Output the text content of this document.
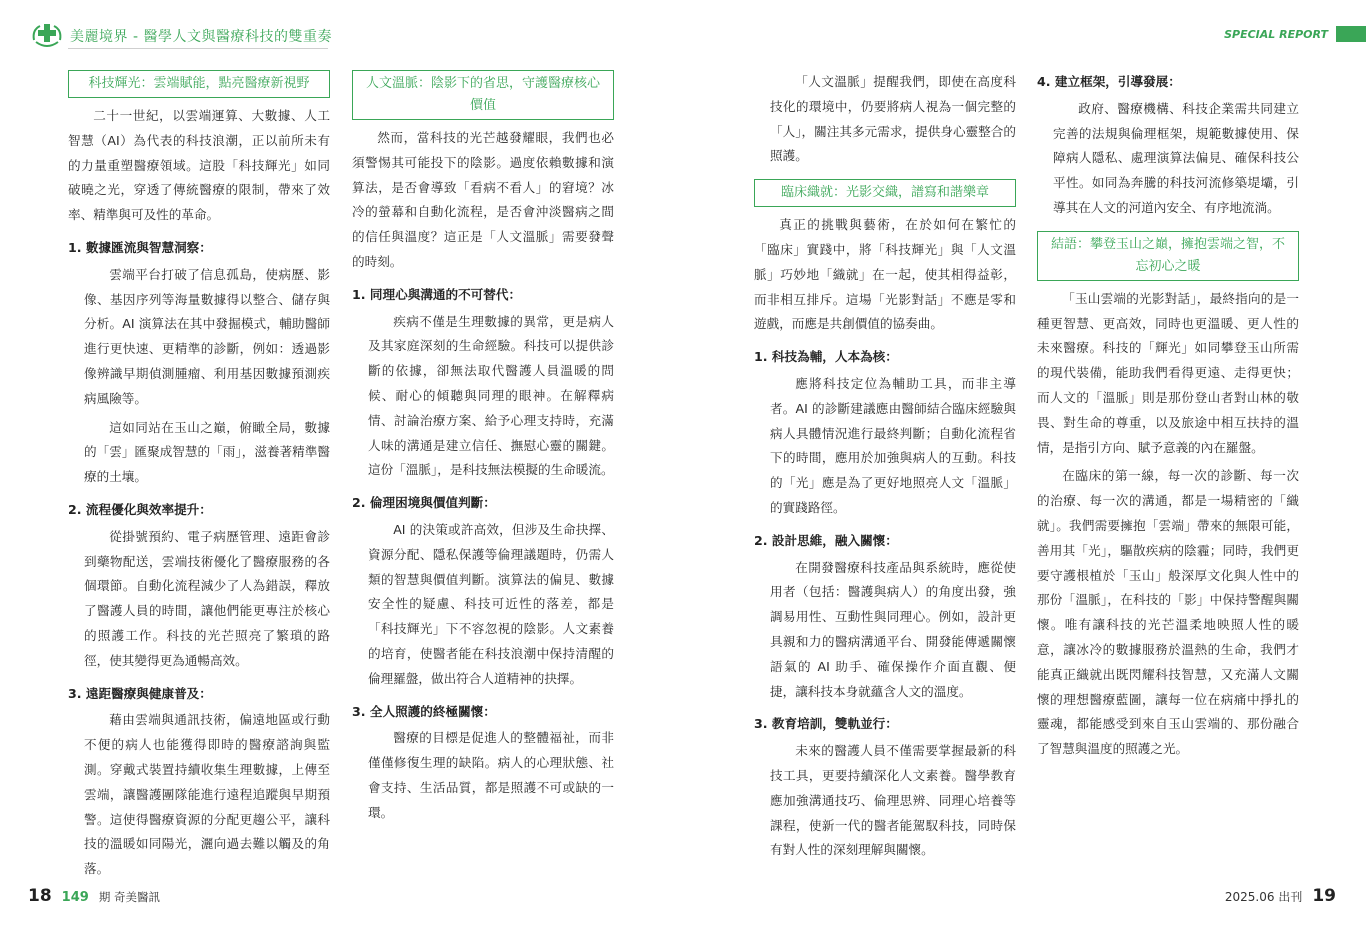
美麗境界 - 醫學人文與醫療科技的雙重奏	SPECIAL REPORT
科技輝光：雲端賦能，點亮醫療新視野

二十一世紀，以雲端運算、大數據、人工智慧（AI）為代表的科技浪潮，正以前所未有的力量重塑醫療領域。這股「科技輝光」如同破曉之光，穿透了傳統醫療的限制，帶來了效率、精準與可及性的革命。

1. 數據匯流與智慧洞察：

雲端平台打破了信息孤島，使病歷、影像、基因序列等海量數據得以整合、儲存與分析。AI 演算法在其中發掘模式，輔助醫師進行更快速、更精準的診斷，例如：透過影像辨識早期偵測腫瘤、利用基因數據預測疾病風險等。

這如同站在玉山之巔，俯瞰全局，數據的「雲」匯聚成智慧的「雨」，滋養著精準醫療的土壤。

2. 流程優化與效率提升：

從掛號預約、電子病歷管理、遠距會診到藥物配送，雲端技術優化了醫療服務的各個環節。自動化流程減少了人為錯誤，釋放了醫護人員的時間，讓他們能更專注於核心的照護工作。科技的光芒照亮了繁瑣的路徑，使其變得更為通暢高效。

3. 遠距醫療與健康普及：

藉由雲端與通訊技術，偏遠地區或行動不便的病人也能獲得即時的醫療諮詢與監測。穿戴式裝置持續收集生理數據，上傳至雲端，讓醫護團隊能進行遠程追蹤與早期預警。這使得醫療資源的分配更趨公平，讓科技的溫暖如同陽光，灑向過去難以觸及的角落。

人文溫脈：陰影下的省思，守護醫療核心價值

然而，當科技的光芒越發耀眼，我們也必須警惕其可能投下的陰影。過度依賴數據和演算法，是否會導致「看病不看人」的窘境？冰冷的螢幕和自動化流程，是否會沖淡醫病之間的信任與溫度？這正是「人文溫脈」需要發聲的時刻。

1. 同理心與溝通的不可替代：

疾病不僅是生理數據的異常，更是病人及其家庭深刻的生命經驗。科技可以提供診斷的依據，卻無法取代醫護人員溫暖的問候、耐心的傾聽與同理的眼神。在解釋病情、討論治療方案、給予心理支持時，充滿人味的溝通是建立信任、撫慰心靈的關鍵。這份「溫脈」，是科技無法模擬的生命暖流。

2. 倫理困境與價值判斷：

AI 的決策或許高效，但涉及生命抉擇、資源分配、隱私保護等倫理議題時，仍需人類的智慧與價值判斷。演算法的偏見、數據安全性的疑慮、科技可近性的落差，都是「科技輝光」下不容忽視的陰影。人文素養的培育，使醫者能在科技浪潮中保持清醒的倫理羅盤，做出符合人道精神的抉擇。

3. 全人照護的終極關懷：

醫療的目標是促進人的整體福祉，而非僅僅修復生理的缺陷。病人的心理狀態、社會支持、生活品質，都是照護不可或缺的一環。

「人文溫脈」提醒我們，即使在高度科技化的環境中，仍要將病人視為一個完整的「人」，關注其多元需求，提供身心靈整合的照護。

臨床織就：光影交織，譜寫和諧樂章

真正的挑戰與藝術，在於如何在繁忙的「臨床」實踐中，將「科技輝光」與「人文溫脈」巧妙地「織就」在一起，使其相得益彰，而非相互排斥。這場「光影對話」不應是零和遊戲，而應是共創價值的協奏曲。

1. 科技為輔，人本為核：

應將科技定位為輔助工具，而非主導者。AI 的診斷建議應由醫師結合臨床經驗與病人具體情況進行最終判斷；自動化流程省下的時間，應用於加強與病人的互動。科技的「光」應是為了更好地照亮人文「溫脈」的實踐路徑。

2. 設計思維，融入關懷：

在開發醫療科技產品與系統時，應從使用者（包括：醫護與病人）的角度出發，強調易用性、互動性與同理心。例如，設計更具親和力的醫病溝通平台、開發能傳遞關懷語氣的 AI 助手、確保操作介面直觀、便捷，讓科技本身就蘊含人文的溫度。

3. 教育培訓，雙軌並行：

未來的醫護人員不僅需要掌握最新的科技工具，更要持續深化人文素養。醫學教育應加強溝通技巧、倫理思辨、同理心培養等課程，使新一代的醫者能駕馭科技，同時保有對人性的深刻理解與關懷。

4. 建立框架，引導發展：

政府、醫療機構、科技企業需共同建立完善的法規與倫理框架，規範數據使用、保障病人隱私、處理演算法偏見、確保科技公平性。如同為奔騰的科技河流修築堤壩，引導其在人文的河道內安全、有序地流淌。

結語：攀登玉山之巔，擁抱雲端之智，不忘初心之暖

「玉山雲端的光影對話」，最終指向的是一種更智慧、更高效，同時也更溫暖、更人性的未來醫療。科技的「輝光」如同攀登玉山所需的現代裝備，能助我們看得更遠、走得更快；而人文的「溫脈」則是那份登山者對山林的敬畏、對生命的尊重，以及旅途中相互扶持的溫情，是指引方向、賦予意義的內在羅盤。

在臨床的第一線，每一次的診斷、每一次的治療、每一次的溝通，都是一場精密的「織就」。我們需要擁抱「雲端」帶來的無限可能，善用其「光」，驅散疾病的陰霾；同時，我們更要守護根植於「玉山」般深厚文化與人性中的那份「溫脈」，在科技的「影」中保持警醒與關懷。唯有讓科技的光芒溫柔地映照人性的暖意，讓冰冷的數據服務於溫熱的生命，我們才能真正織就出既閃耀科技智慧，又充滿人文關懷的理想醫療藍圖，讓每一位在病痛中掙扎的靈魂，都能感受到來自玉山雲端的、那份融合了智慧與溫度的照護之光。

18 149 期 奇美醫訊	2025.06 出刊 19
